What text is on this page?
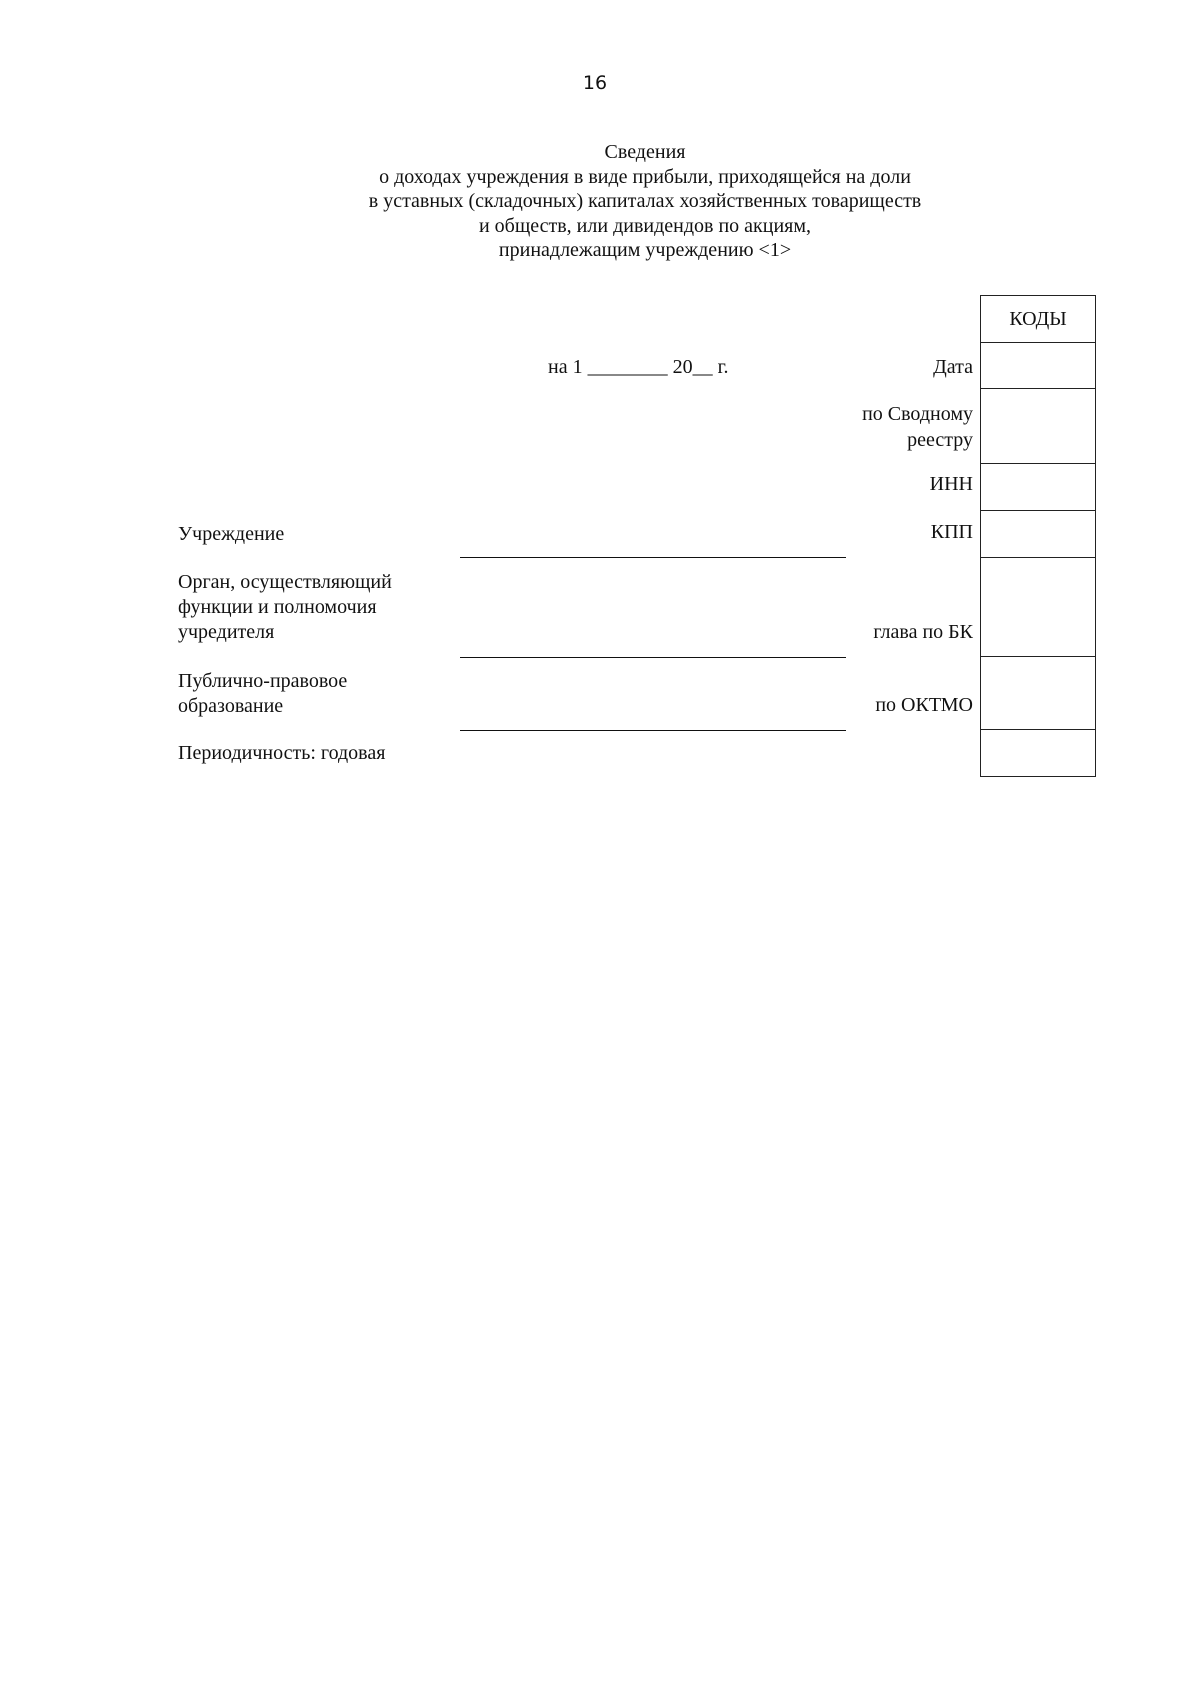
16
Сведения
о доходах учреждения в виде прибыли, приходящейся на доли
в уставных (складочных) капиталах хозяйственных товариществ
и обществ, или дивидендов по акциям,
принадлежащим учреждению <1>
на 1 ________ 20__ г.	Дата
по Сводному
реестру
ИНН
КПП
глава по БК
по ОКТМО
Учреждение
Орган, осуществляющий
функции и полномочия
учредителя
Публично-правовое
образование
Периодичность: годовая
КОДЫ
